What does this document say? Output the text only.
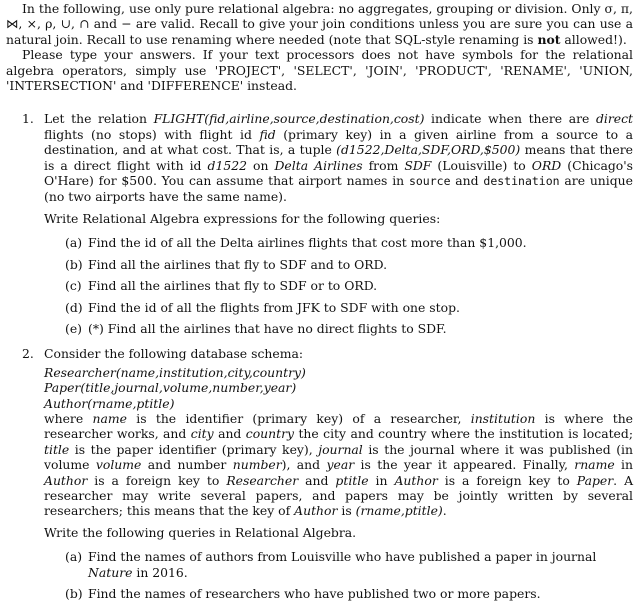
In the following, use only pure relational algebra: no aggregates, grouping or division. Only σ, π, ⋈, ×, ρ, ∪, ∩ and − are valid. Recall to give your join conditions unless you are sure you can use a natural join. Recall to use renaming where needed (note that SQL-style renaming is not allowed!).

Please type your answers. If your text processors does not have symbols for the relational algebra operators, simply use 'PROJECT', 'SELECT', 'JOIN', 'PRODUCT', 'RENAME', 'UNION, 'INTERSECTION' and 'DIFFERENCE' instead.

1. Let the relation FLIGHT(fid,airline,source,destination,cost) indicate when there are direct flights (no stops) with flight id fid (primary key) in a given airline from a source to a destination, and at what cost. That is, a tuple (d1522,Delta,SDF,ORD,$500) means that there is a direct flight with id d1522 on Delta Airlines from SDF (Louisville) to ORD (Chicago's O'Hare) for $500. You can assume that airport names in source and destination are unique (no two airports have the same name).

Write Relational Algebra expressions for the following queries:

(a) Find the id of all the Delta airlines flights that cost more than $1,000.
(b) Find all the airlines that fly to SDF and to ORD.
(c) Find all the airlines that fly to SDF or to ORD.
(d) Find the id of all the flights from JFK to SDF with one stop.
(e) (*) Find all the airlines that have no direct flights to SDF.
2. Consider the following database schema:

Researcher(name,institution,city,country)

Paper(title,journal,volume,number,year)

Author(rname,ptitle)

where name is the identifier (primary key) of a researcher, institution is where the researcher works, and city and country the city and country where the institution is located; title is the paper identifier (primary key), journal is the journal where it was published (in volume volume and number number), and year is the year it appeared. Finally, rname in Author is a foreign key to Researcher and ptitle in Author is a foreign key to Paper. A researcher may write several papers, and papers may be jointly written by several researchers; this means that the key of Author is (rname,ptitle).

Write the following queries in Relational Algebra.

(a) Find the names of authors from Louisville who have published a paper in journal Nature in 2016.
(b) Find the names of researchers who have published two or more papers.
